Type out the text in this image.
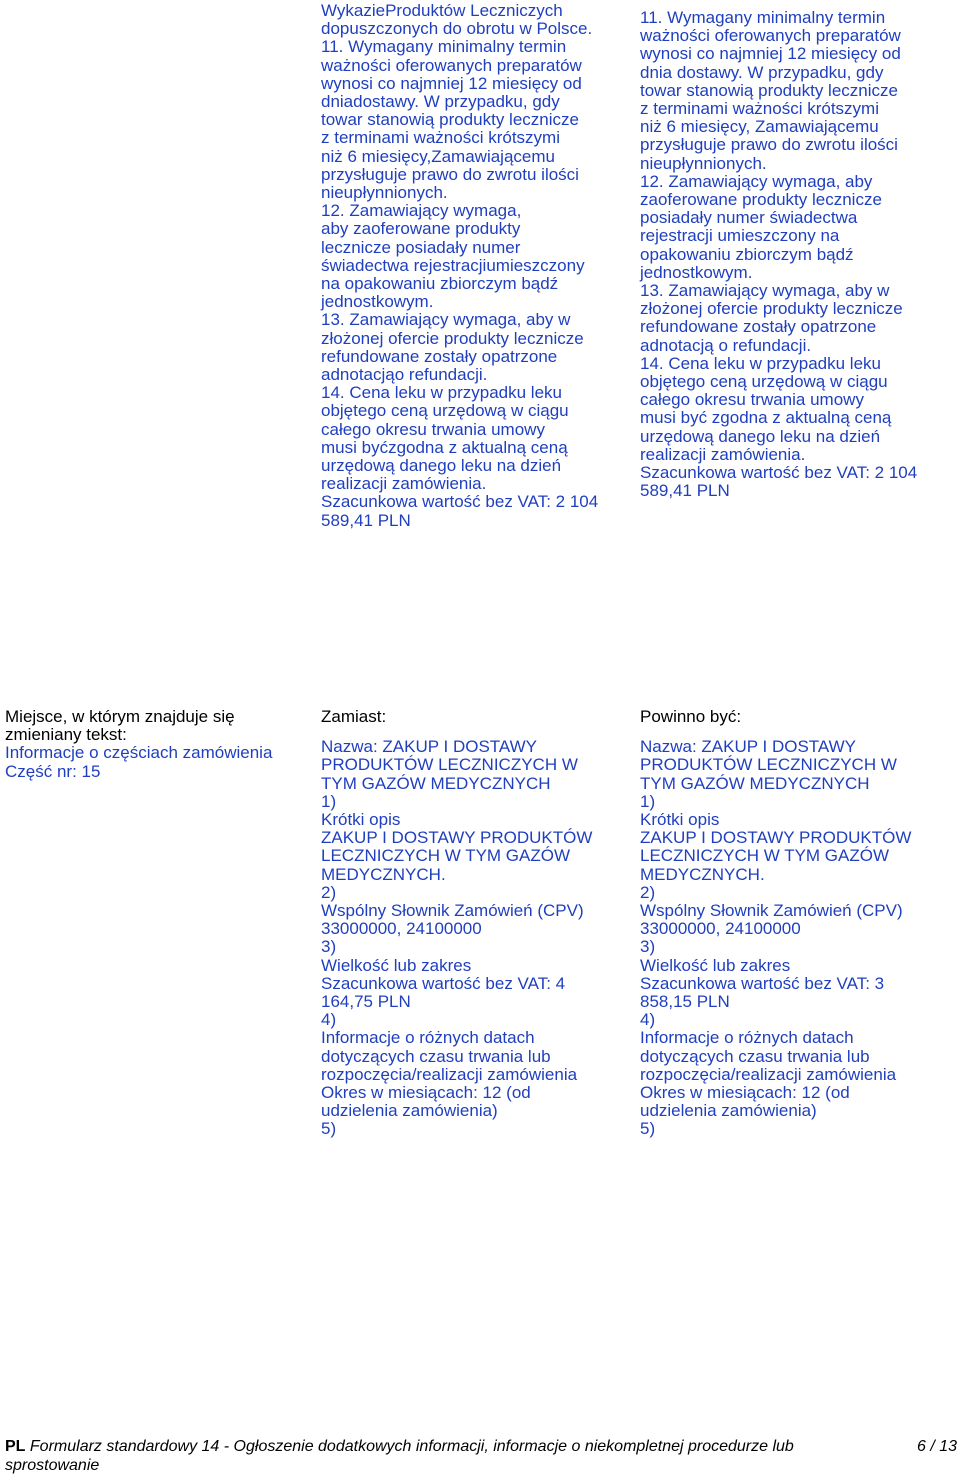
WykazieProduktów Leczniczych
dopuszczonych do obrotu w Polsce.
11. Wymagany minimalny termin
ważności oferowanych preparatów
wynosi co najmniej 12 miesięcy od
dniadostawy. W przypadku, gdy
towar stanowią produkty lecznicze
z terminami ważności krótszymi
niż 6 miesięcy,Zamawiającemu
przysługuje prawo do zwrotu ilości
nieupłynnionych.
12. Zamawiający wymaga,
aby zaoferowane produkty
lecznicze posiadały numer
świadectwa rejestracjiumieszczony
na opakowaniu zbiorczym bądź
jednostkowym.
13. Zamawiający wymaga, aby w
złożonej ofercie produkty lecznicze
refundowane zostały opatrzone
adnotacjąo refundacji.
14. Cena leku w przypadku leku
objętego ceną urzędową w ciągu
całego okresu trwania umowy
musi byćzgodna z aktualną ceną
urzędową danego leku na dzień
realizacji zamówienia.
Szacunkowa wartość bez VAT: 2 104
589,41 PLN
11. Wymagany minimalny termin
ważności oferowanych preparatów
wynosi co najmniej 12 miesięcy od
dnia dostawy. W przypadku, gdy
towar stanowią produkty lecznicze
z terminami ważności krótszymi
niż 6 miesięcy, Zamawiającemu
przysługuje prawo do zwrotu ilości
nieupłynnionych.
12. Zamawiający wymaga, aby
zaoferowane produkty lecznicze
posiadały numer świadectwa
rejestracji umieszczony na
opakowaniu zbiorczym bądź
jednostkowym.
13. Zamawiający wymaga, aby w
złożonej ofercie produkty lecznicze
refundowane zostały opatrzone
adnotacją o refundacji.
14. Cena leku w przypadku leku
objętego ceną urzędową w ciągu
całego okresu trwania umowy
musi być zgodna z aktualną ceną
urzędową danego leku na dzień
realizacji zamówienia.
Szacunkowa wartość bez VAT: 2 104
589,41 PLN
Miejsce, w którym znajduje się
zmieniany tekst:
Informacje o częściach zamówienia
Część nr: 15
Zamiast:
Nazwa: ZAKUP I DOSTAWY
PRODUKTÓW LECZNICZYCH W
TYM GAZÓW MEDYCZNYCH
1)
Krótki opis
ZAKUP I DOSTAWY PRODUKTÓW
LECZNICZYCH W TYM GAZÓW
MEDYCZNYCH.
2)
Wspólny Słownik Zamówień (CPV)
33000000, 24100000
3)
Wielkość lub zakres
Szacunkowa wartość bez VAT: 4
164,75 PLN
4)
Informacje o różnych datach
dotyczących czasu trwania lub
rozpoczęcia/realizacji zamówienia
Okres w miesiącach: 12 (od
udzielenia zamówienia)
5)
Powinno być:
Nazwa: ZAKUP I DOSTAWY
PRODUKTÓW LECZNICZYCH W
TYM GAZÓW MEDYCZNYCH
1)
Krótki opis
ZAKUP I DOSTAWY PRODUKTÓW
LECZNICZYCH W TYM GAZÓW
MEDYCZNYCH.
2)
Wspólny Słownik Zamówień (CPV)
33000000, 24100000
3)
Wielkość lub zakres
Szacunkowa wartość bez VAT: 3
858,15 PLN
4)
Informacje o różnych datach
dotyczących czasu trwania lub
rozpoczęcia/realizacji zamówienia
Okres w miesiącach: 12 (od
udzielenia zamówienia)
5)
PL Formularz standardowy 14 - Ogłoszenie dodatkowych informacji, informacje o niekompletnej procedurze lub
sprostowanie
6 / 13
